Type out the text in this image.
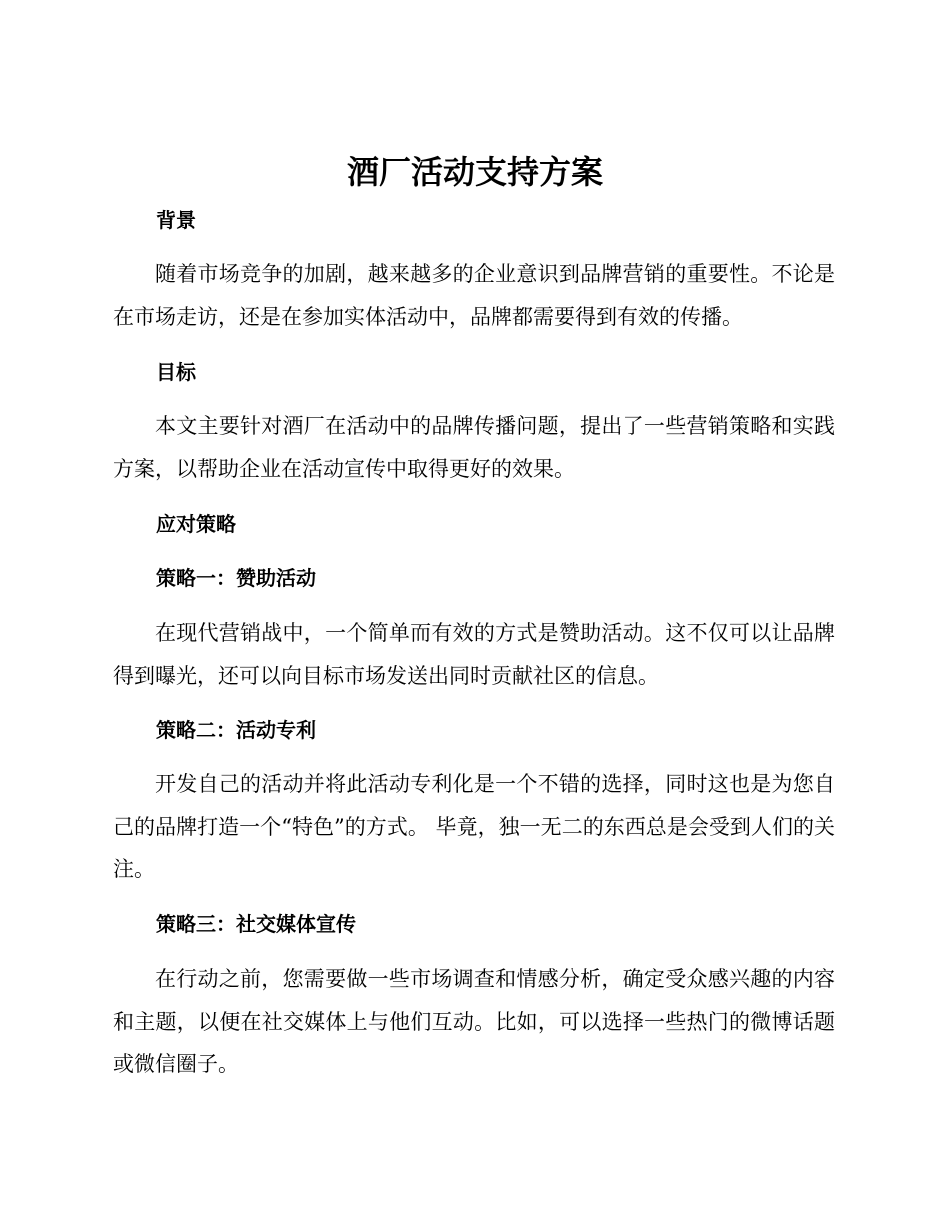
酒厂活动支持方案
背景
随着市场竞争的加剧，越来越多的企业意识到品牌营销的重要性。不论是在市场走访，还是在参加实体活动中，品牌都需要得到有效的传播。
目标
本文主要针对酒厂在活动中的品牌传播问题，提出了一些营销策略和实践方案，以帮助企业在活动宣传中取得更好的效果。
应对策略
策略一：赞助活动
在现代营销战中，一个简单而有效的方式是赞助活动。这不仅可以让品牌得到曝光，还可以向目标市场发送出同时贡献社区的信息。
策略二：活动专利
开发自己的活动并将此活动专利化是一个不错的选择，同时这也是为您自己的品牌打造一个“特色”的方式。 毕竟，独一无二的东西总是会受到人们的关注。
策略三：社交媒体宣传
在行动之前，您需要做一些市场调查和情感分析，确定受众感兴趣的内容和主题，以便在社交媒体上与他们互动。比如，可以选择一些热门的微博话题或微信圈子。
